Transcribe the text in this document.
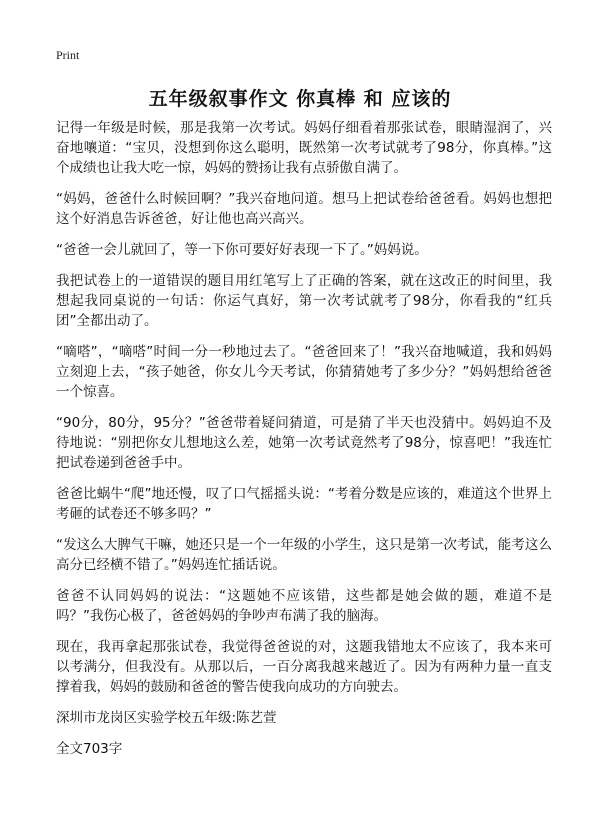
Print
五年级叙事作文 你真棒 和 应该的

记得一年级是时候，那是我第一次考试。妈妈仔细看着那张试卷，眼睛湿润了，兴奋地嚷道：“宝贝，没想到你这么聪明，既然第一次考试就考了98分，你真棒。”这个成绩也让我大吃一惊，妈妈的赞扬让我有点骄傲自满了。

“妈妈，爸爸什么时候回啊？”我兴奋地问道。想马上把试卷给爸爸看。妈妈也想把这个好消息告诉爸爸，好让他也高兴高兴。

“爸爸一会儿就回了，等一下你可要好好表现一下了。”妈妈说。

我把试卷上的一道错误的题目用红笔写上了正确的答案，就在这改正的时间里，我想起我同桌说的一句话：你运气真好，第一次考试就考了98分，你看我的“红兵团”全都出动了。

“嘀嗒”，“嘀嗒”时间一分一秒地过去了。“爸爸回来了！”我兴奋地喊道，我和妈妈立刻迎上去，“孩子她爸，你女儿今天考试，你猜猜她考了多少分？”妈妈想给爸爸一个惊喜。

“90分，80分，95分？”爸爸带着疑问猜道，可是猜了半天也没猜中。妈妈迫不及待地说：“别把你女儿想地这么差，她第一次考试竟然考了98分，惊喜吧！”我连忙把试卷递到爸爸手中。

爸爸比蜗牛“爬”地还慢，叹了口气摇摇头说：“考着分数是应该的，难道这个世界上考砸的试卷还不够多吗？”

“发这么大脾气干嘛，她还只是一个一年级的小学生，这只是第一次考试，能考这么高分已经横不错了。”妈妈连忙插话说。

爸爸不认同妈妈的说法：“这题她不应该错，这些都是她会做的题，难道不是吗？”我伤心极了，爸爸妈妈的争吵声布满了我的脑海。

现在，我再拿起那张试卷，我觉得爸爸说的对，这题我错地太不应该了，我本来可以考满分，但我没有。从那以后，一百分离我越来越近了。因为有两种力量一直支撑着我，妈妈的鼓励和爸爸的警告使我向成功的方向驶去。

深圳市龙岗区实验学校五年级:陈艺萱

全文703字
